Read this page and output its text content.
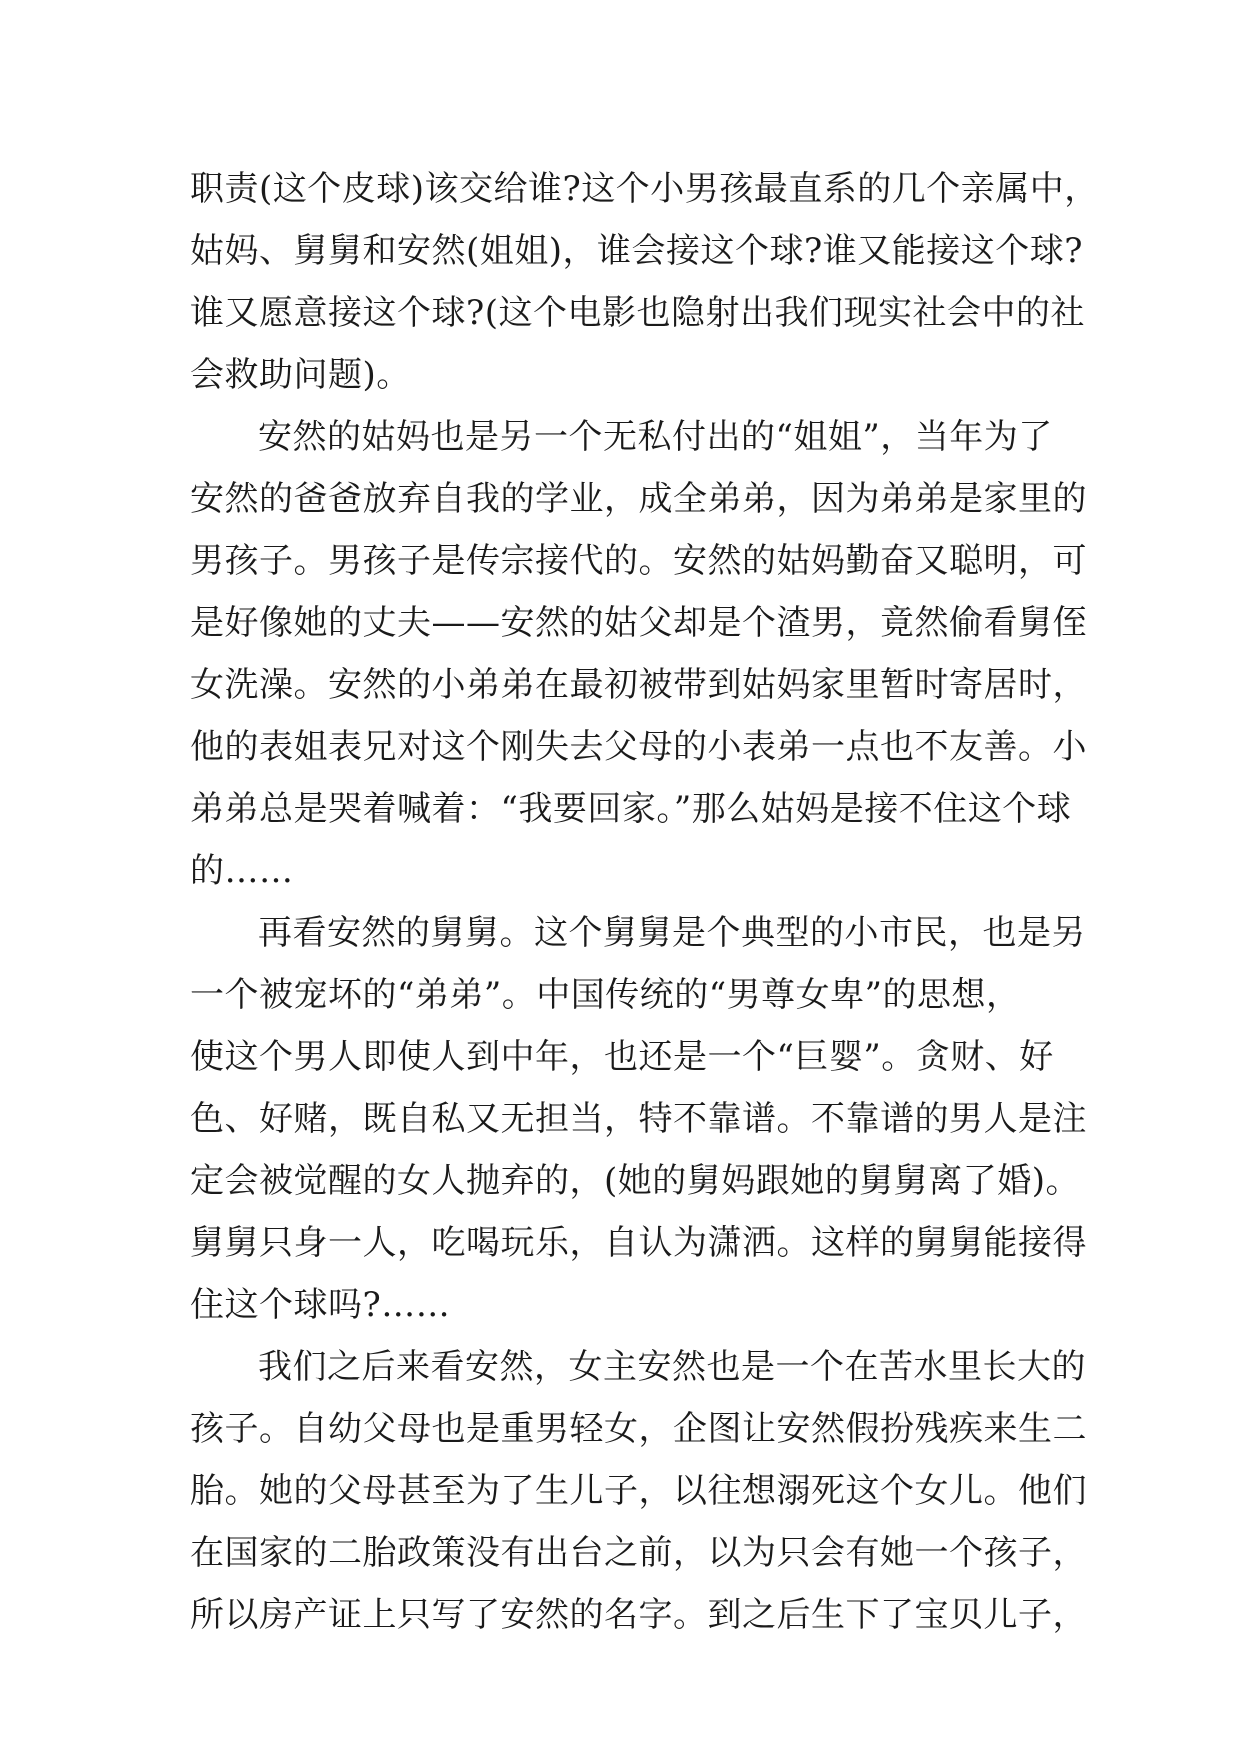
职责(这个皮球)该交给谁?这个小男孩最直系的几个亲属中，
姑妈、舅舅和安然(姐姐)，谁会接这个球?谁又能接这个球?
谁又愿意接这个球?(这个电影也隐射出我们现实社会中的社
会救助问题)。
安然的姑妈也是另一个无私付出的“姐姐”，当年为了
安然的爸爸放弃自我的学业，成全弟弟，因为弟弟是家里的
男孩子。男孩子是传宗接代的。安然的姑妈勤奋又聪明，可
是好像她的丈夫——安然的姑父却是个渣男，竟然偷看舅侄
女洗澡。安然的小弟弟在最初被带到姑妈家里暂时寄居时，
他的表姐表兄对这个刚失去父母的小表弟一点也不友善。小
弟弟总是哭着喊着：“我要回家。”那么姑妈是接不住这个球
的……
再看安然的舅舅。这个舅舅是个典型的小市民，也是另
一个被宠坏的“弟弟”。中国传统的“男尊女卑”的思想，
使这个男人即使人到中年，也还是一个“巨婴”。贪财、好
色、好赌，既自私又无担当，特不靠谱。不靠谱的男人是注
定会被觉醒的女人抛弃的，(她的舅妈跟她的舅舅离了婚)。
舅舅只身一人，吃喝玩乐，自认为潇洒。这样的舅舅能接得
住这个球吗?……
我们之后来看安然，女主安然也是一个在苦水里长大的
孩子。自幼父母也是重男轻女，企图让安然假扮残疾来生二
胎。她的父母甚至为了生儿子，以往想溺死这个女儿。他们
在国家的二胎政策没有出台之前，以为只会有她一个孩子，
所以房产证上只写了安然的名字。到之后生下了宝贝儿子，
